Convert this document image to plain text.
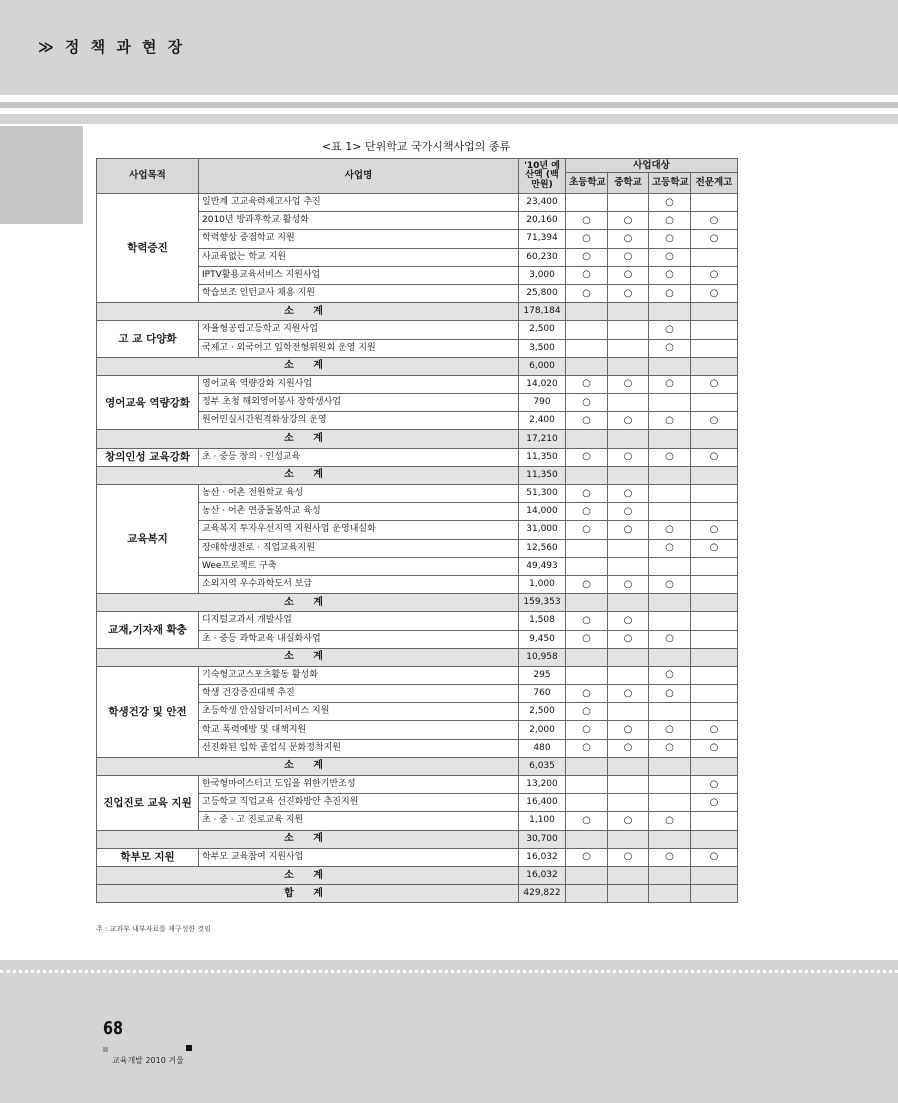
≫ 정 책 과 현 장
<표 1> 단위학교 국가시책사업의 종류
사업목적	사업명	'10년 예산액 (백만원)	사업대상			
			초등학교	중학교	고등학교	전문계고
학력증진	일반계 고교육력제고사업 추진	23,400			○	
	2010년 방과후학교 활성화	20,160	○	○	○	○
	학력향상 중점학교 지원	71,394	○	○	○	○
	사교육없는 학교 지원	60,230	○	○	○	
	IPTV활용교육서비스 지원사업	3,000	○	○	○	○
	학습보조 인턴교사 채용 지원	25,800	○	○	○	○
소 계		178,184				
고 교 다양화	자율형공립고등학교 지원사업	2,500			○	
	국제고 · 외국어고 입학전형위원회 운영 지원	3,500			○	
소 계		6,000				
영어교육 역량강화	영어교육 역량강화 지원사업	14,020	○	○	○	○
	정부 초청 해외영어봉사 장학생사업	790	○			
	원어민실시간원격화상강의 운영	2,400	○	○	○	○
소 계		17,210				
창의인성 교육강화	초 · 중등 창의 · 인성교육	11,350	○	○	○	○
소 계		11,350				
교육복지	농산 · 어촌 전원학교 육성	51,300	○	○		
	농산 · 어촌 연중돌봄학교 육성	14,000	○	○		
	교육복지 투자우선지역 지원사업 운영내실화	31,000	○	○	○	○
	장애학생진로 · 직업교육지원	12,560			○	○
	Wee프로젝트 구축	49,493				
	소외지역 우수과학도서 보급	1,000	○	○	○	
소 계		159,353				
교재,기자재 확충	디지털교과서 개발사업	1,508	○	○		
	초 · 중등 과학교육 내실화사업	9,450	○	○	○	
소 계		10,958				
학생건강 및 안전	기숙형고교스포츠활동 활성화	295			○	
	학생 건강증진대책 추진	760	○	○	○	
	초등학생 안심알리미서비스 지원	2,500	○			
	학교 폭력예방 및 대책지원	2,000	○	○	○	○
	선진화된 입학 졸업식 문화정착지원	480	○	○	○	○
소 계		6,035				
진업진로 교육 지원	한국형마이스터고 도입을 위한기반조성	13,200				○
	고등학교 직업교육 선진화방안 추진지원	16,400				○
	초 · 중 · 고 진로교육 지원	1,100	○	○	○	
소 계		30,700				
학부모 지원	학부모 교육참여 지원사업	16,032	○	○	○	○
소 계		16,032				
합 계		429,822				
주 : 교과부 내부자료를 재구성한 것임
68
교육개발 2010 겨울
